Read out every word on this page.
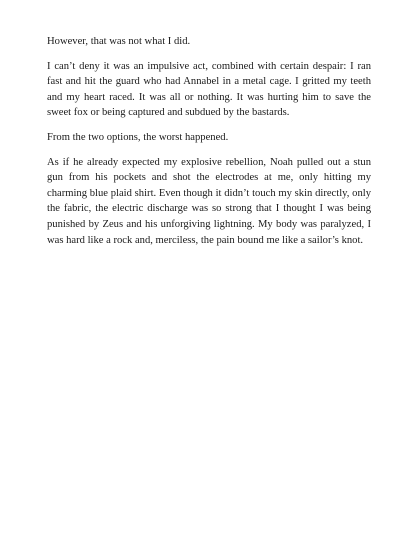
However, that was not what I did.

I can’t deny it was an impulsive act, combined with certain despair: I ran fast and hit the guard who had Annabel in a metal cage. I gritted my teeth and my heart raced. It was all or nothing. It was hurting him to save the sweet fox or being captured and subdued by the bastards.

From the two options, the worst happened.

As if he already expected my explosive rebellion, Noah pulled out a stun gun from his pockets and shot the electrodes at me, only hitting my charming blue plaid shirt. Even though it didn’t touch my skin directly, only the fabric, the electric discharge was so strong that I thought I was being punished by Zeus and his unforgiving lightning. My body was paralyzed, I was hard like a rock and, merciless, the pain bound me like a sailor’s knot.
